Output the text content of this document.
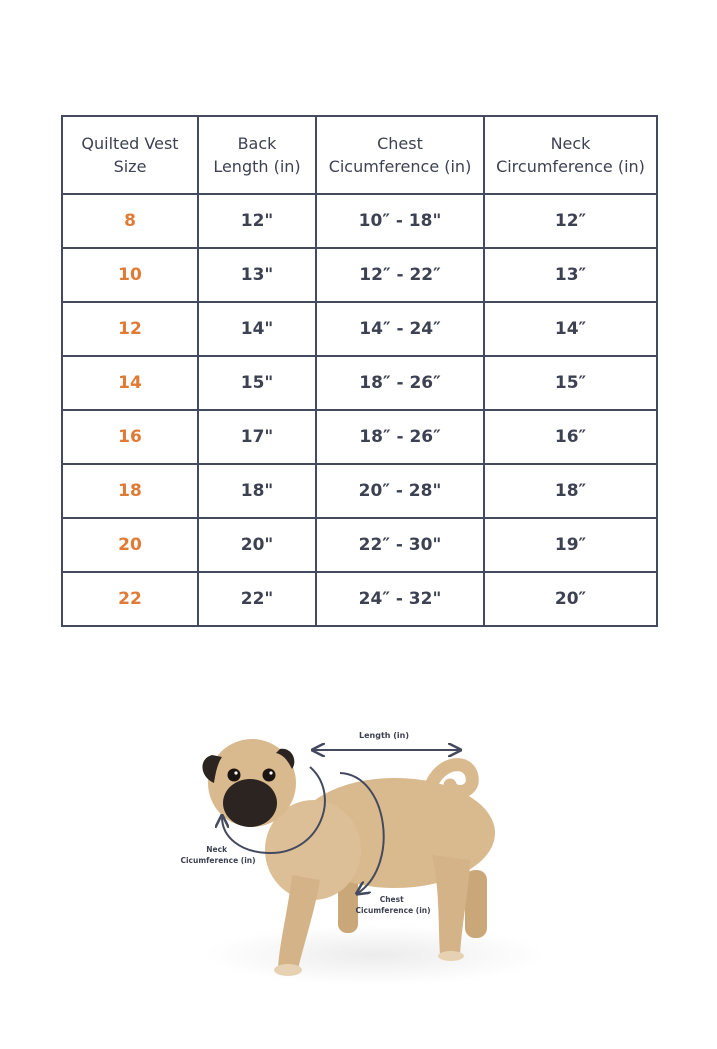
Quilted Vest Size	Back Length (in)	Chest Cicumference (in)	Neck Circumference (in)
8	12"	10″ - 18"	12″
10	13"	12″ - 22″	13″
12	14"	14″ - 24″	14″
14	15"	18″ - 26″	15″
16	17"	18″ - 26″	16″
18	18"	20″ - 28"	18″
20	20"	22″ - 30"	19″
22	22"	24″ - 32"	20″
Length (in)
Neck Cicumference (in)
Chest Cicumference (in)
